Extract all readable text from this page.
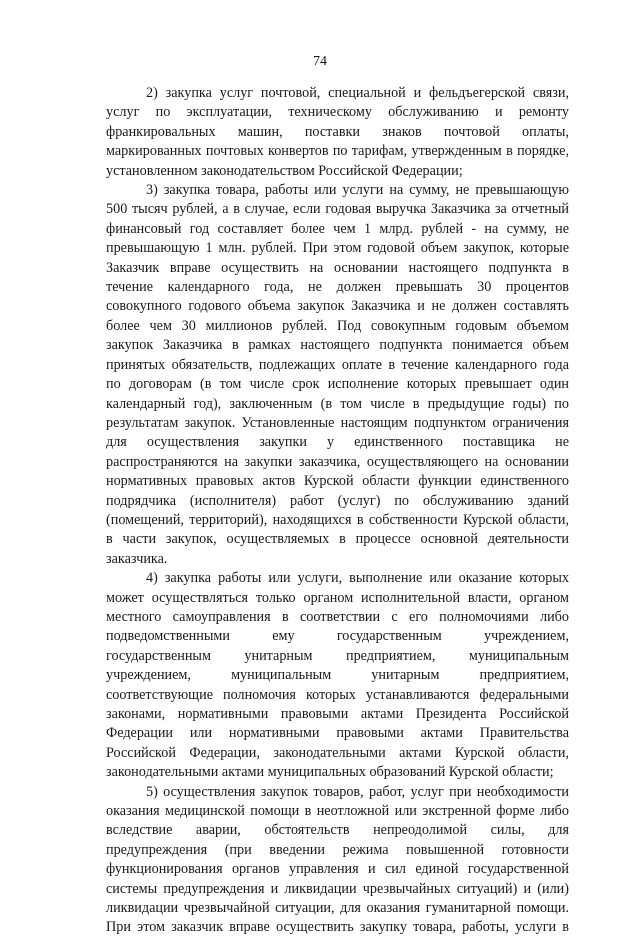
74
2) закупка услуг почтовой, специальной и фельдъегерской связи,
услуг по эксплуатации, техническому обслуживанию и ремонту
франкировальных машин, поставки знаков почтовой оплаты,
маркированных почтовых конвертов по тарифам, утвержденным в порядке,
установленном законодательством Российской Федерации;
3) закупка товара, работы или услуги на сумму, не превышающую
500 тысяч рублей, а в случае, если годовая выручка Заказчика за отчетный
финансовый год составляет более чем 1 млрд. рублей - на сумму, не
превышающую 1 млн. рублей. При этом годовой объем закупок, которые
Заказчик вправе осуществить на основании настоящего подпункта в
течение календарного года, не должен превышать 30 процентов
совокупного годового объема закупок Заказчика и не должен составлять
более чем 30 миллионов рублей. Под совокупным годовым объемом
закупок Заказчика в рамках настоящего подпункта понимается объем
принятых обязательств, подлежащих оплате в течение календарного года
по договорам (в том числе срок исполнение которых превышает один
календарный год), заключенным (в том числе в предыдущие годы) по
результатам закупок. Установленные настоящим подпунктом ограничения
для осуществления закупки у единственного поставщика не
распространяются на закупки заказчика, осуществляющего на основании
нормативных правовых актов Курской области функции единственного
подрядчика (исполнителя) работ (услуг) по обслуживанию зданий
(помещений, территорий), находящихся в собственности Курской области,
в части закупок, осуществляемых в процессе основной деятельности
заказчика.
4) закупка работы или услуги, выполнение или оказание которых
может осуществляться только органом исполнительной власти, органом
местного самоуправления в соответствии с его полномочиями либо
подведомственными ему государственным учреждением,
государственным унитарным предприятием, муниципальным
учреждением, муниципальным унитарным предприятием,
соответствующие полномочия которых устанавливаются федеральными
законами, нормативными правовыми актами Президента Российской
Федерации или нормативными правовыми актами Правительства
Российской Федерации, законодательными актами Курской области,
законодательными актами муниципальных образований Курской области;
5) осуществления закупок товаров, работ, услуг при необходимости
оказания медицинской помощи в неотложной или экстренной форме либо
вследствие аварии, обстоятельств непреодолимой силы, для
предупреждения (при введении режима повышенной готовности
функционирования органов управления и сил единой государственной
системы предупреждения и ликвидации чрезвычайных ситуаций) и (или)
ликвидации чрезвычайной ситуации, для оказания гуманитарной помощи.
При этом заказчик вправе осуществить закупку товара, работы, услуги в
